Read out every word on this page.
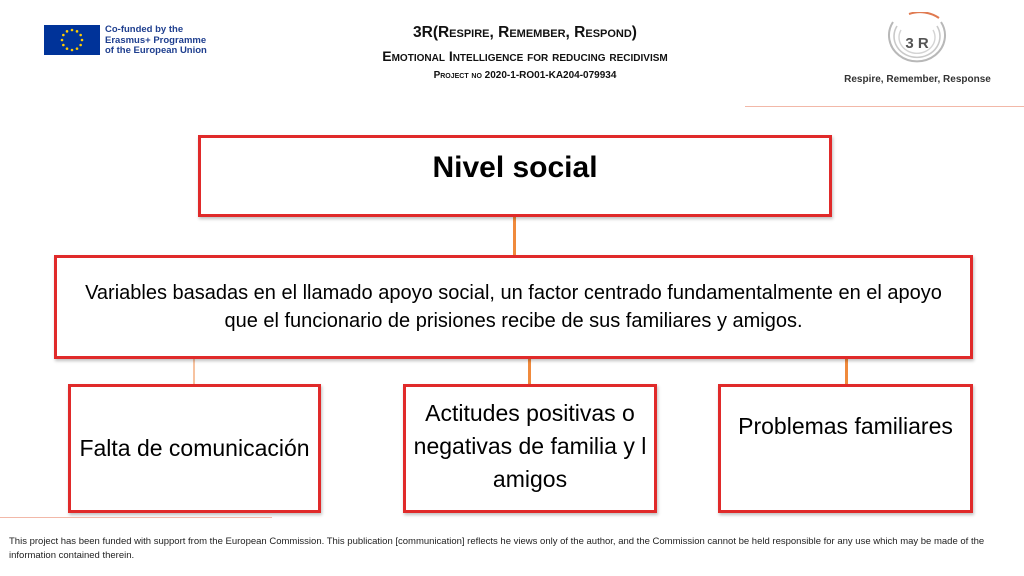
Co-funded by the
Erasmus+ Programme
of the European Union
3R(Respire, Remember, Respond)
Emotional Intelligence for reducing recidivism
Project no 2020-1-RO01-KA204-079934
3 R
Respire, Remember, Response
Nivel social
Variables basadas en el llamado apoyo social, un factor centrado fundamentalmente en el apoyo que el funcionario de prisiones recibe de sus familiares y amigos.
Falta de comunicación
Actitudes positivas o negativas de familia y l amigos
Problemas familiares
This project has been funded with support from the European Commission. This publication [communication] reflects he views only of the author, and the Commission cannot be held responsible for any use which may be made of the information contained therein.
